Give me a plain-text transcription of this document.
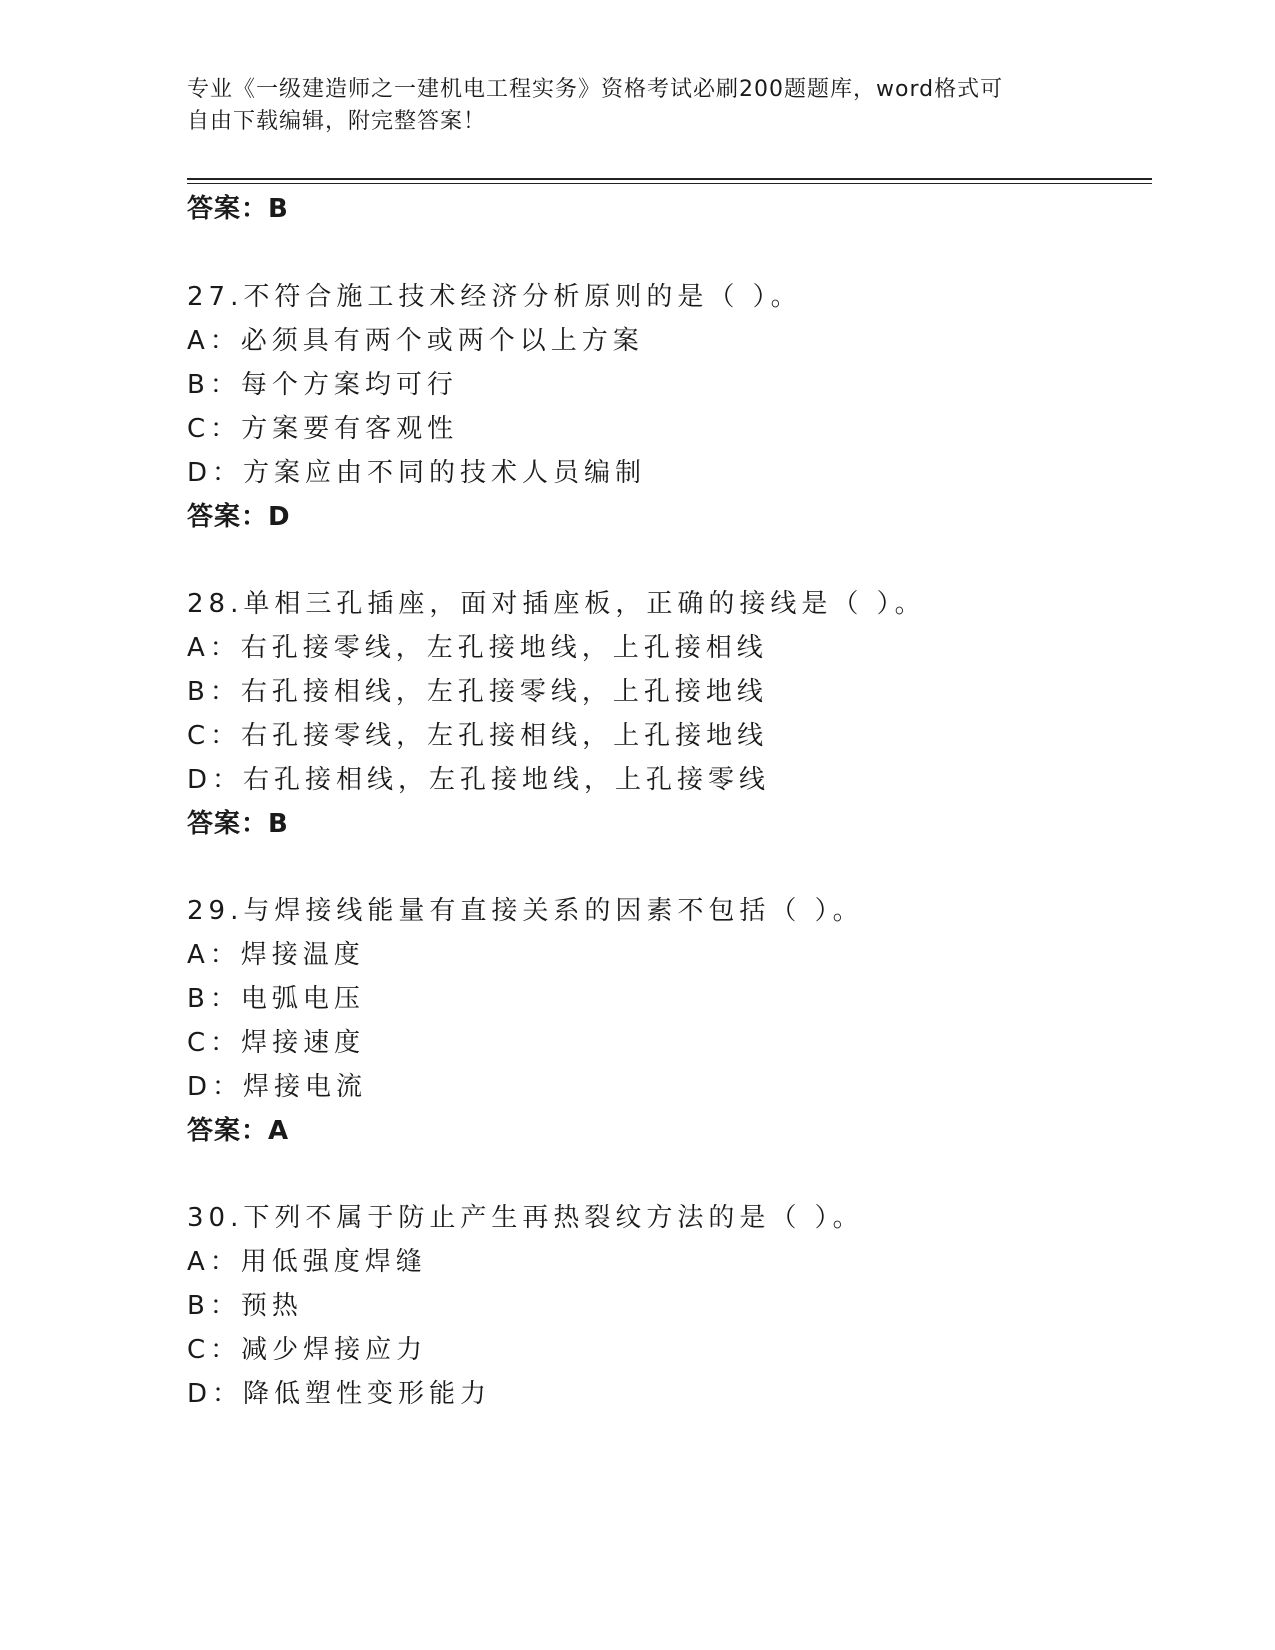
专业《一级建造师之一建机电工程实务》资格考试必刷200题题库，word格式可
自由下载编辑，附完整答案！
答案：B
27.不符合施工技术经济分析原则的是（ ）。
A：必须具有两个或两个以上方案
B：每个方案均可行
C：方案要有客观性
D：方案应由不同的技术人员编制
答案：D
28.单相三孔插座，面对插座板，正确的接线是（ ）。
A：右孔接零线，左孔接地线，上孔接相线
B：右孔接相线，左孔接零线，上孔接地线
C：右孔接零线，左孔接相线，上孔接地线
D：右孔接相线，左孔接地线，上孔接零线
答案：B
29.与焊接线能量有直接关系的因素不包括（ ）。
A：焊接温度
B：电弧电压
C：焊接速度
D：焊接电流
答案：A
30.下列不属于防止产生再热裂纹方法的是（ ）。
A：用低强度焊缝
B：预热
C：减少焊接应力
D：降低塑性变形能力
